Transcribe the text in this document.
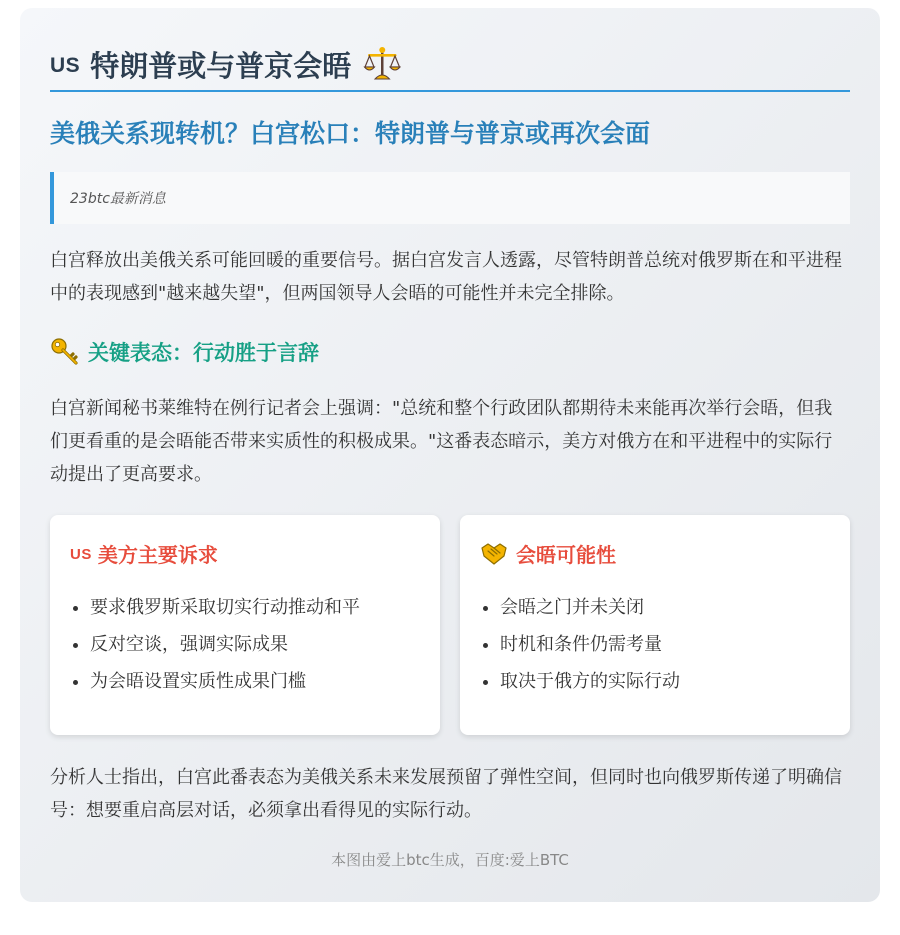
US 特朗普或与普京会晤
美俄关系现转机？白宫松口：特朗普与普京或再次会面
23btc最新消息

白宫释放出美俄关系可能回暖的重要信号。据白宫发言人透露，尽管特朗普总统对俄罗斯在和平进程中的表现感到"越来越失望"，但两国领导人会晤的可能性并未完全排除。

关键表态：行动胜于言辞

白宫新闻秘书莱维特在例行记者会上强调："总统和整个行政团队都期待未来能再次举行会晤，但我们更看重的是会晤能否带来实质性的积极成果。"这番表态暗示，美方对俄方在和平进程中的实际行动提出了更高要求。

US 美方主要诉求
• 要求俄罗斯采取切实行动推动和平
• 反对空谈，强调实际成果
• 为会晤设置实质性成果门槛
会晤可能性
• 会晤之门并未关闭
• 时机和条件仍需考量
• 取决于俄方的实际行动

分析人士指出，白宫此番表态为美俄关系未来发展预留了弹性空间，但同时也向俄罗斯传递了明确信号：想要重启高层对话，必须拿出看得见的实际行动。

本图由爱上btc生成，百度:爱上BTC
